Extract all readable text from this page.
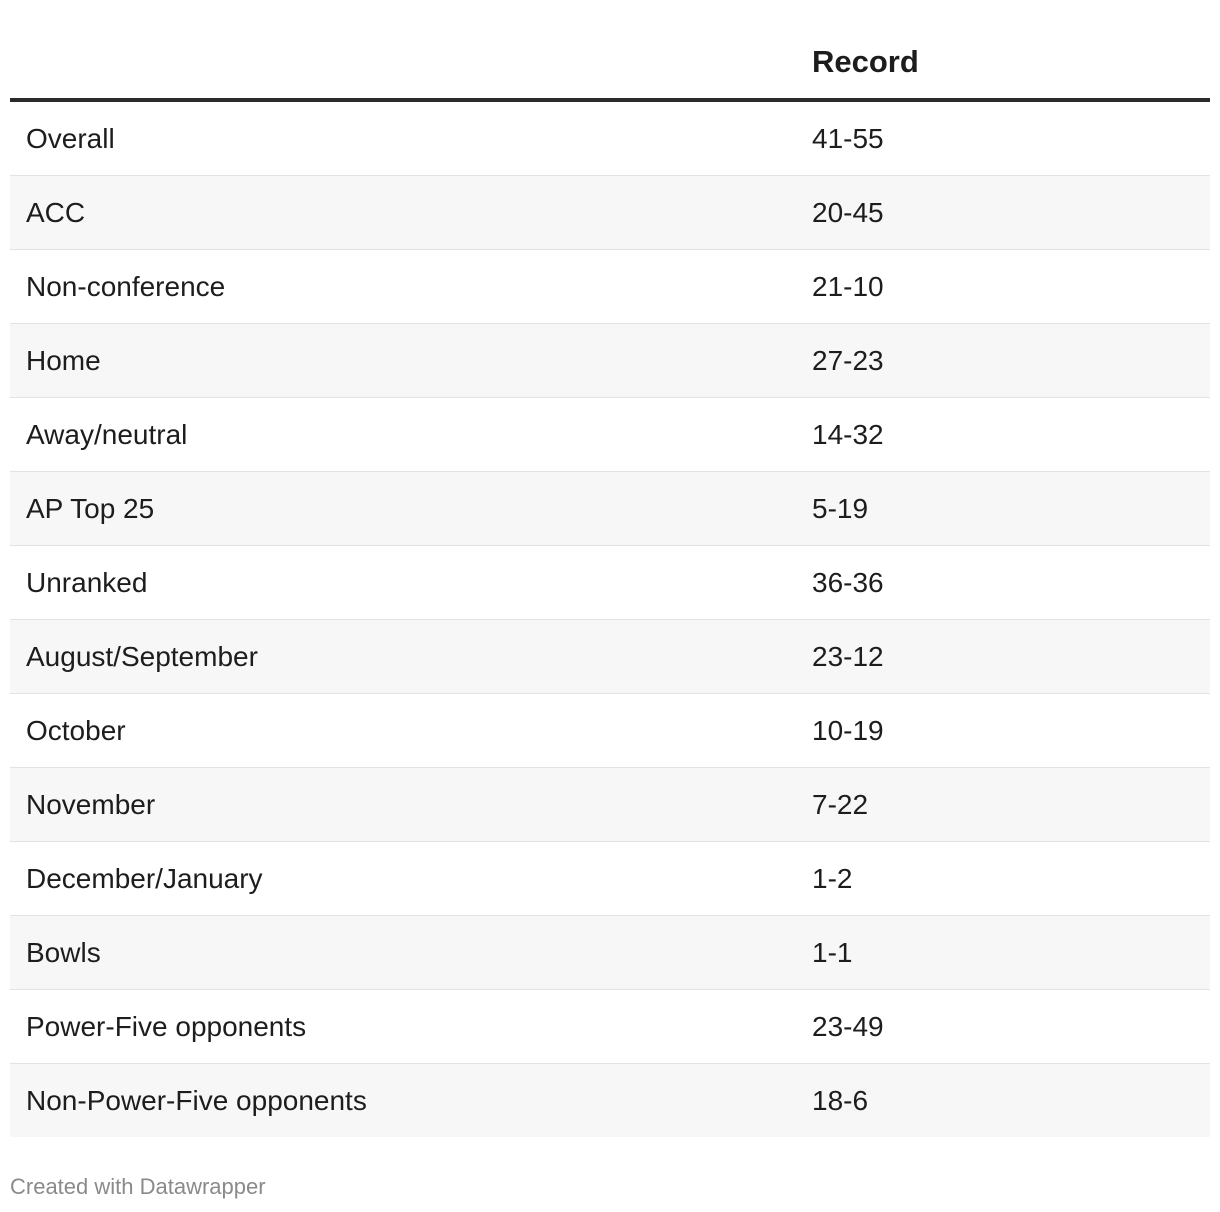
Record
Overall	41-55
ACC	20-45
Non-conference	21-10
Home	27-23
Away/neutral	14-32
AP Top 25	5-19
Unranked	36-36
August/September	23-12
October	10-19
November	7-22
December/January	1-2
Bowls	1-1
Power-Five opponents	23-49
Non-Power-Five opponents	18-6
Created with Datawrapper
